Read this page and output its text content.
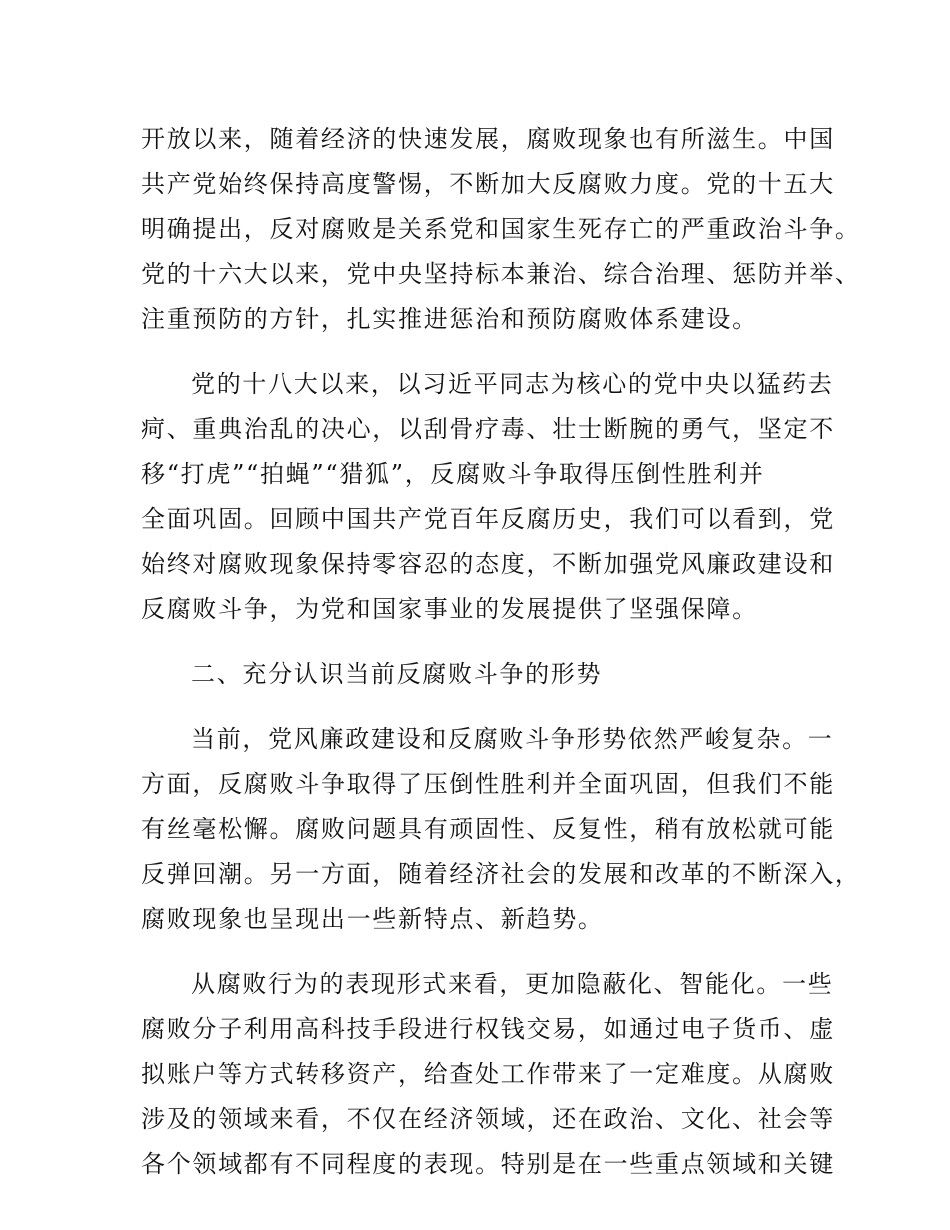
开放以来，随着经济的快速发展，腐败现象也有所滋生。中国
共产党始终保持高度警惕，不断加大反腐败力度。党的十五大
明确提出，反对腐败是关系党和国家生死存亡的严重政治斗争。
党的十六大以来，党中央坚持标本兼治、综合治理、惩防并举、
注重预防的方针，扎实推进惩治和预防腐败体系建设。
党的十八大以来，以习近平同志为核心的党中央以猛药去
疴、重典治乱的决心，以刮骨疗毒、壮士断腕的勇气，坚定不
移“打虎”“拍蝇”“猎狐”，反腐败斗争取得压倒性胜利并
全面巩固。回顾中国共产党百年反腐历史，我们可以看到，党
始终对腐败现象保持零容忍的态度，不断加强党风廉政建设和
反腐败斗争，为党和国家事业的发展提供了坚强保障。
二、充分认识当前反腐败斗争的形势
当前，党风廉政建设和反腐败斗争形势依然严峻复杂。一
方面，反腐败斗争取得了压倒性胜利并全面巩固，但我们不能
有丝毫松懈。腐败问题具有顽固性、反复性，稍有放松就可能
反弹回潮。另一方面，随着经济社会的发展和改革的不断深入，
腐败现象也呈现出一些新特点、新趋势。
从腐败行为的表现形式来看，更加隐蔽化、智能化。一些
腐败分子利用高科技手段进行权钱交易，如通过电子货币、虚
拟账户等方式转移资产，给查处工作带来了一定难度。从腐败
涉及的领域来看，不仅在经济领域，还在政治、文化、社会等
各个领域都有不同程度的表现。特别是在一些重点领域和关键
